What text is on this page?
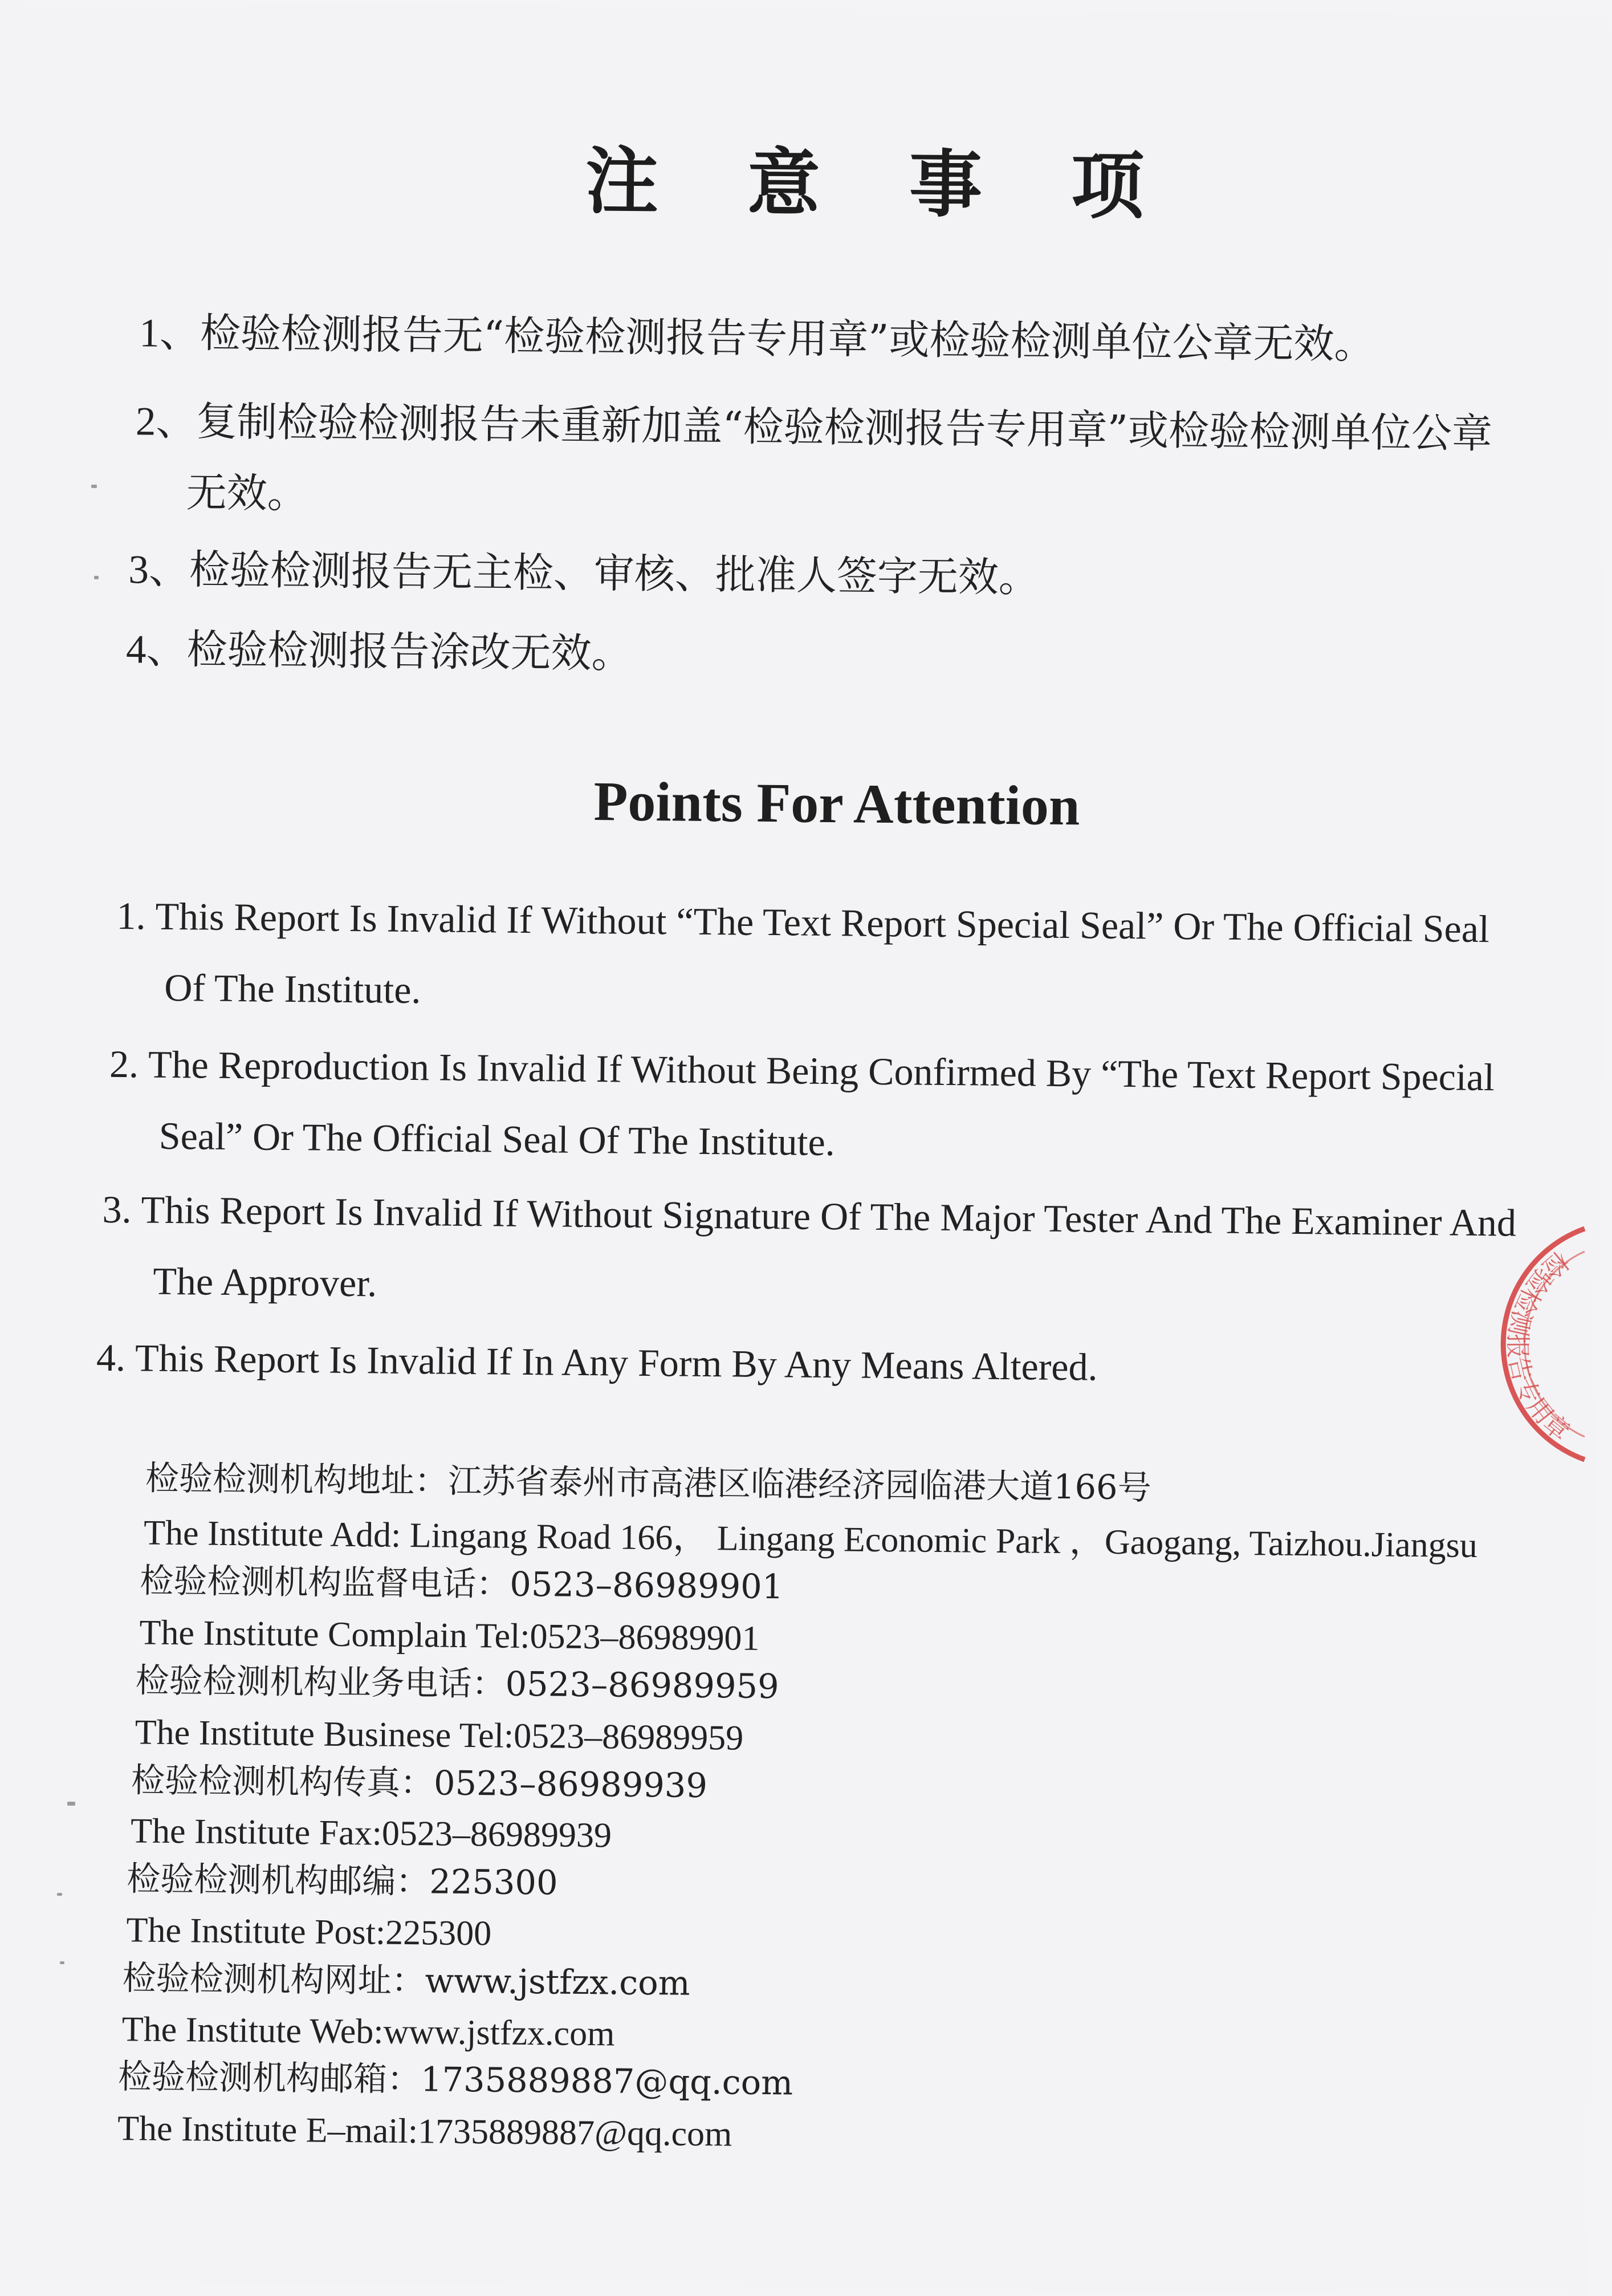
注 意 事 项
1、检验检测报告无“检验检测报告专用章”或检验检测单位公章无效。
2、复制检验检测报告未重新加盖“检验检测报告专用章”或检验检测单位公章
无效。
3、检验检测报告无主检、审核、批准人签字无效。
4、检验检测报告涂改无效。
Points For Attention
1. This Report Is Invalid If Without “The Text Report Special Seal” Or The Official Seal
Of The Institute.
2. The Reproduction Is Invalid If Without Being Confirmed By “The Text Report Special
Seal” Or The Official Seal Of The Institute.
3. This Report Is Invalid If Without Signature Of The Major Tester And The Examiner And
The Approver.
4. This Report Is Invalid If In Any Form By Any Means Altered.
检验检测机构地址：江苏省泰州市高港区临港经济园临港大道166号
The Institute Add: Lingang Road 166， Lingang Economic Park ，Gaogang, Taizhou.Jiangsu
检验检测机构监督电话：0523–86989901
The Institute Complain Tel:0523–86989901
检验检测机构业务电话：0523–86989959
The Institute Businese Tel:0523–86989959
检验检测机构传真：0523–86989939
The Institute Fax:0523–86989939
检验检测机构邮编：225300
The Institute Post:225300
检验检测机构网址：www.jstfzx.com
The Institute Web:www.jstfzx.com
检验检测机构邮箱：1735889887@qq.com
The Institute E–mail:1735889887@qq.com
检验检测报告专用章
